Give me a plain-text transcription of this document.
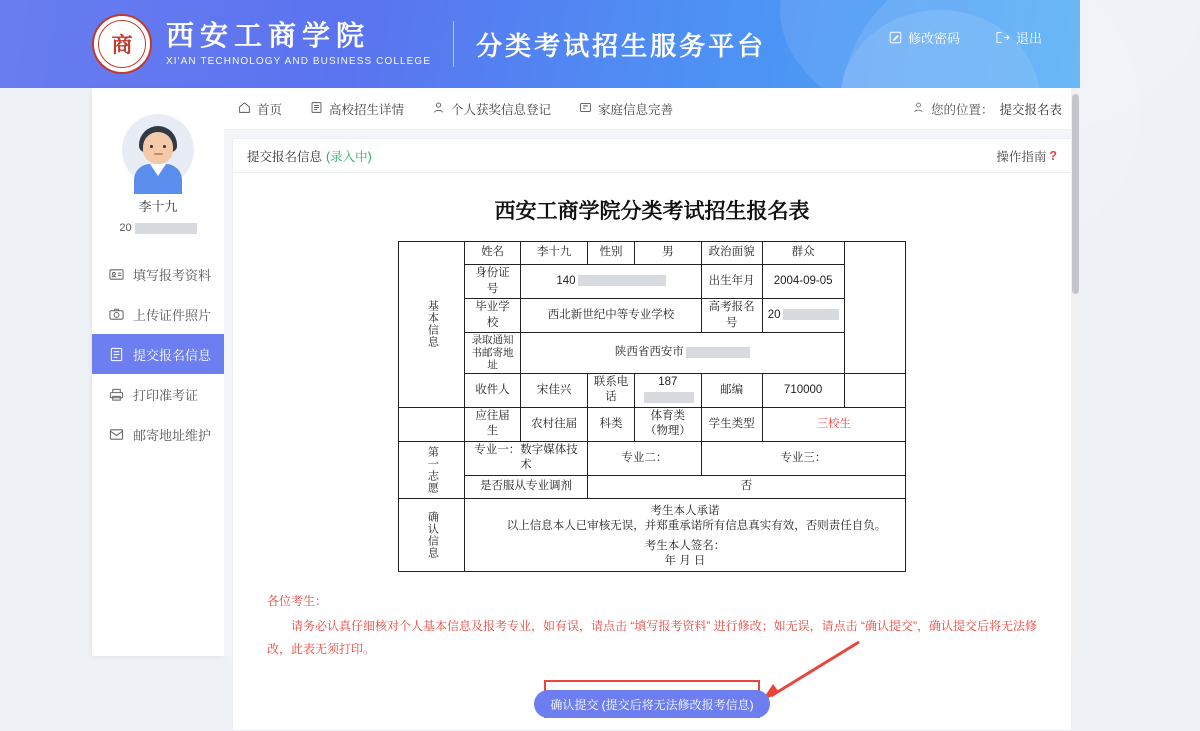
商 西安工商学院
XI'AN TECHNOLOGY AND BUSINESS COLLEGE
分类考试招生服务平台	修改密码	退出
李十九
20
填写报考资料
上传证件照片
提交报名信息
打印准考证
邮寄地址维护
首页	高校招生详情	个人获奖信息登记	家庭信息完善	您的位置： 提交报名表
提交报名信息 (录入中)	操作指南 ?
西安工商学院分类考试招生报名表
基本信息	姓名	李十九	性别	男	政治面貌	群众	
	身份证号	140			出生年月	2004-09-05	
	毕业学校	西北新世纪中等专业学校			高考报名号	20	
	录取通知书邮寄地址	陕西省西安市					
	收件人	宋佳兴	联系电话	187	邮编	710000	
	应往届生	农村往届	科类	体育类（物理）	学生类型	三校生	

第一志愿	专业一：数字媒体技术		专业二：		专业三：		
	是否服从专业调剂		否				

确认信息	考生本人承诺
以上信息本人已审核无误，并郑重承诺所有信息真实有效，否则责任自负。
考生本人签名：
年 月 日						
各位考生：
请务必认真仔细核对个人基本信息及报考专业，如有误，请点击 “填写报考资料” 进行修改；如无误，请点击 “确认提交”，确认提交后将无法修改，此表无须打印。
确认提交 (提交后将无法修改报考信息)
